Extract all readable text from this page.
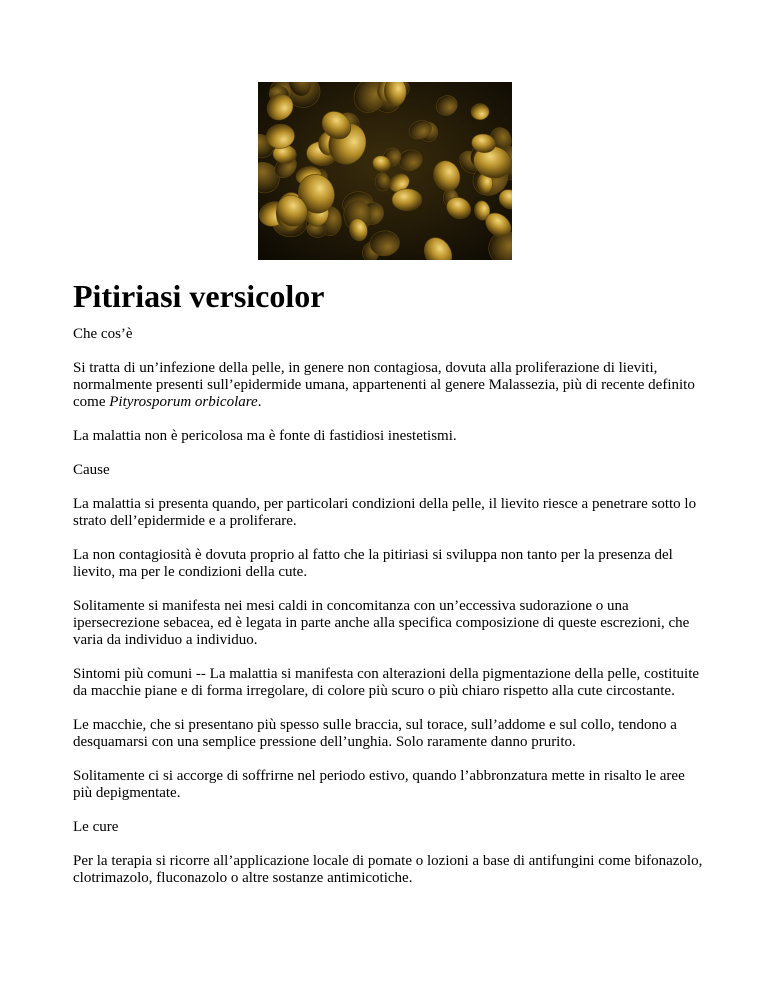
Pitiriasi versicolor

Che cos’è

Si tratta di un’infezione della pelle, in genere non contagiosa, dovuta alla proliferazione di lieviti, normalmente presenti sull’epidermide umana, appartenenti al genere Malassezia, più di recente definito come Pityrosporum orbicolare.

La malattia non è pericolosa ma è fonte di fastidiosi inestetismi.

Cause

La malattia si presenta quando, per particolari condizioni della pelle, il lievito riesce a penetrare sotto lo strato dell’epidermide e a proliferare.

La non contagiosità è dovuta proprio al fatto che la pitiriasi si sviluppa non tanto per la presenza del lievito, ma per le condizioni della cute.

Solitamente si manifesta nei mesi caldi in concomitanza con un’eccessiva sudorazione o una ipersecrezione sebacea, ed è legata in parte anche alla specifica composizione di queste escrezioni, che varia da individuo a individuo.

Sintomi più comuni -- La malattia si manifesta con alterazioni della pigmentazione della pelle, costituite da macchie piane e di forma irregolare, di colore più scuro o più chiaro rispetto alla cute circostante.

Le macchie, che si presentano più spesso sulle braccia, sul torace, sull’addome e sul collo, tendono a desquamarsi con una semplice pressione dell’unghia. Solo raramente danno prurito.

Solitamente ci si accorge di soffrirne nel periodo estivo, quando l’abbronzatura mette in risalto le aree più depigmentate.

Le cure

Per la terapia si ricorre all’applicazione locale di pomate o lozioni a base di antifungini come bifonazolo, clotrimazolo, fluconazolo o altre sostanze antimicotiche.
